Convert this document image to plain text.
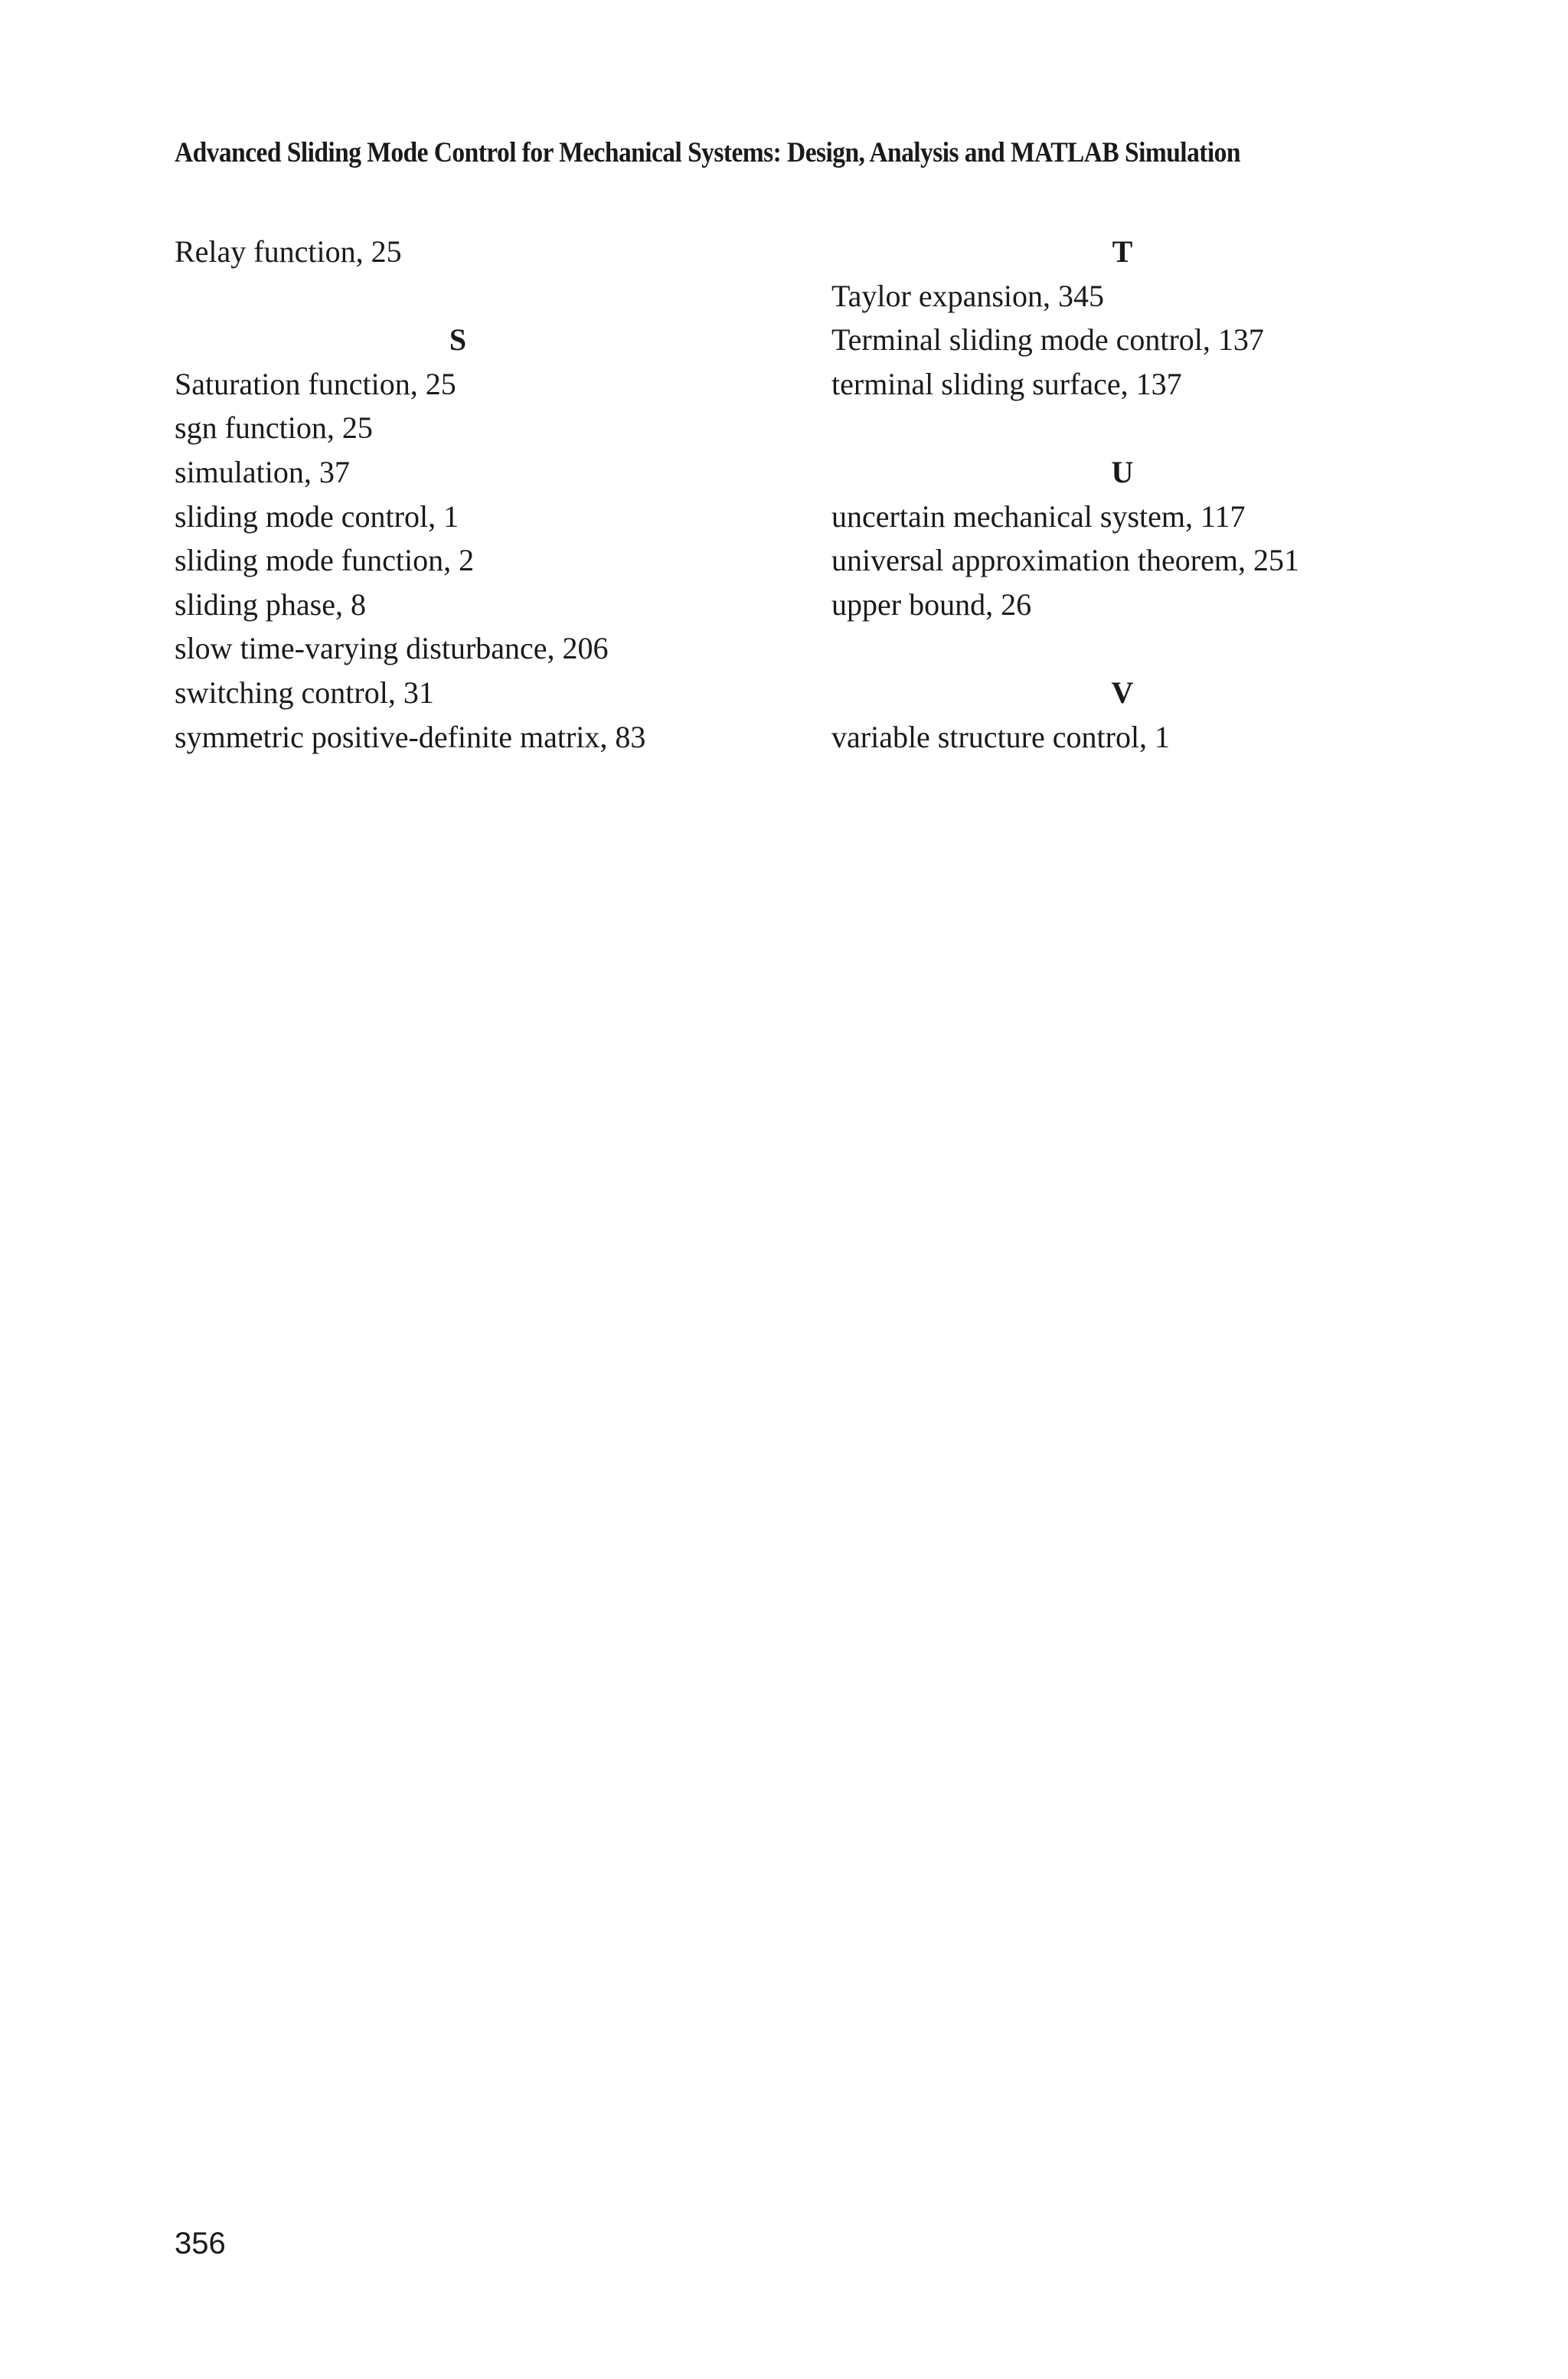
Advanced Sliding Mode Control for Mechanical Systems: Design, Analysis and MATLAB Simulation
Relay function, 25
S
Saturation function, 25
sgn function, 25
simulation, 37
sliding mode control, 1
sliding mode function, 2
sliding phase, 8
slow time-varying disturbance, 206
switching control, 31
symmetric positive-definite matrix, 83
T
Taylor expansion, 345
Terminal sliding mode control, 137
terminal sliding surface, 137
U
uncertain mechanical system, 117
universal approximation theorem, 251
upper bound, 26
V
variable structure control, 1
356
